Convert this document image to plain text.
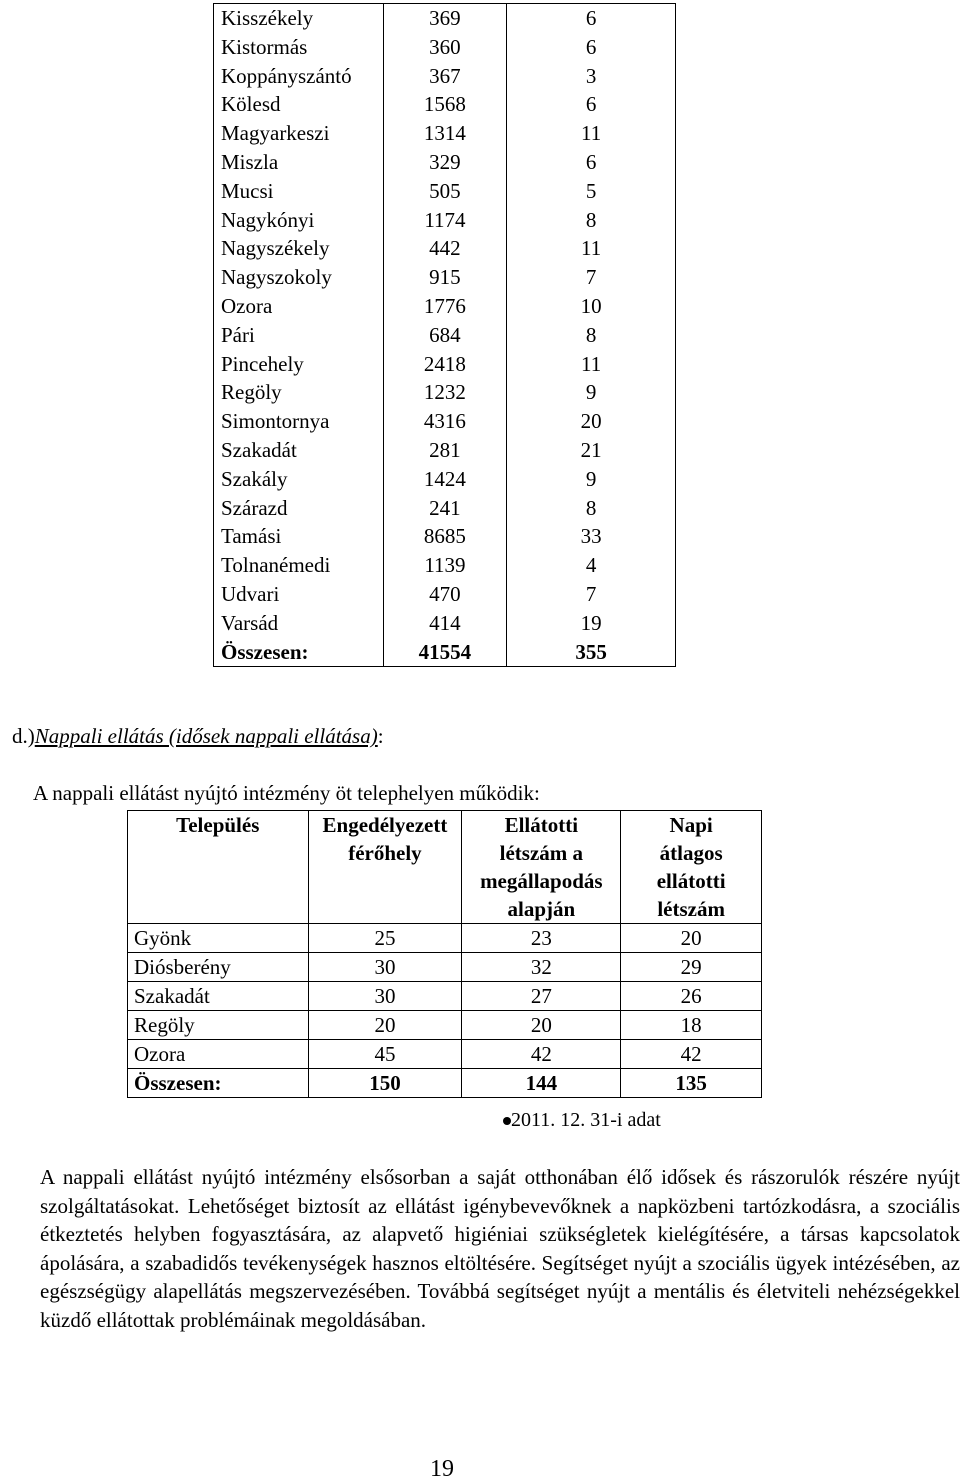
Kisszékely	369	6
Kistormás	360	6
Koppányszántó	367	3
Kölesd	1568	6
Magyarkeszi	1314	11
Miszla	329	6
Mucsi	505	5
Nagykónyi	1174	8
Nagyszékely	442	11
Nagyszokoly	915	7
Ozora	1776	10
Pári	684	8
Pincehely	2418	11
Regöly	1232	9
Simontornya	4316	20
Szakadát	281	21
Szakály	1424	9
Szárazd	241	8
Tamási	8685	33
Tolnanémedi	1139	4
Udvari	470	7
Varsád	414	19
Összesen:	41554	355
d.)Nappali ellátás (idősek nappali ellátása):
A nappali ellátást nyújtó intézmény öt telephelyen működik:
Település	Engedélyezett férőhely	Ellátotti létszám a megállapodás alapján	Napi átlagos ellátotti létszám

Gyönk	25	23	20
Diósberény	30	32	29
Szakadát	30	27	26
Regöly	20	20	18
Ozora	45	42	42
Összesen:	150	144	135
2011. 12. 31-i adat
A nappali ellátást nyújtó intézmény elsősorban a saját otthonában élő idősek és rászorulók részére nyújt szolgáltatásokat. Lehetőséget biztosít az ellátást igénybevevőknek a napközbeni tartózkodásra, a szociális étkeztetés helyben fogyasztására, az alapvető higiéniai szükségletek kielégítésére, a társas kapcsolatok ápolására, a szabadidős tevékenységek hasznos eltöltésére. Segítséget nyújt a szociális ügyek intézésében, az egészségügy alapellátás megszervezésében. Továbbá segítséget nyújt a mentális és életviteli nehézségekkel küzdő ellátottak problémáinak megoldásában.
19
